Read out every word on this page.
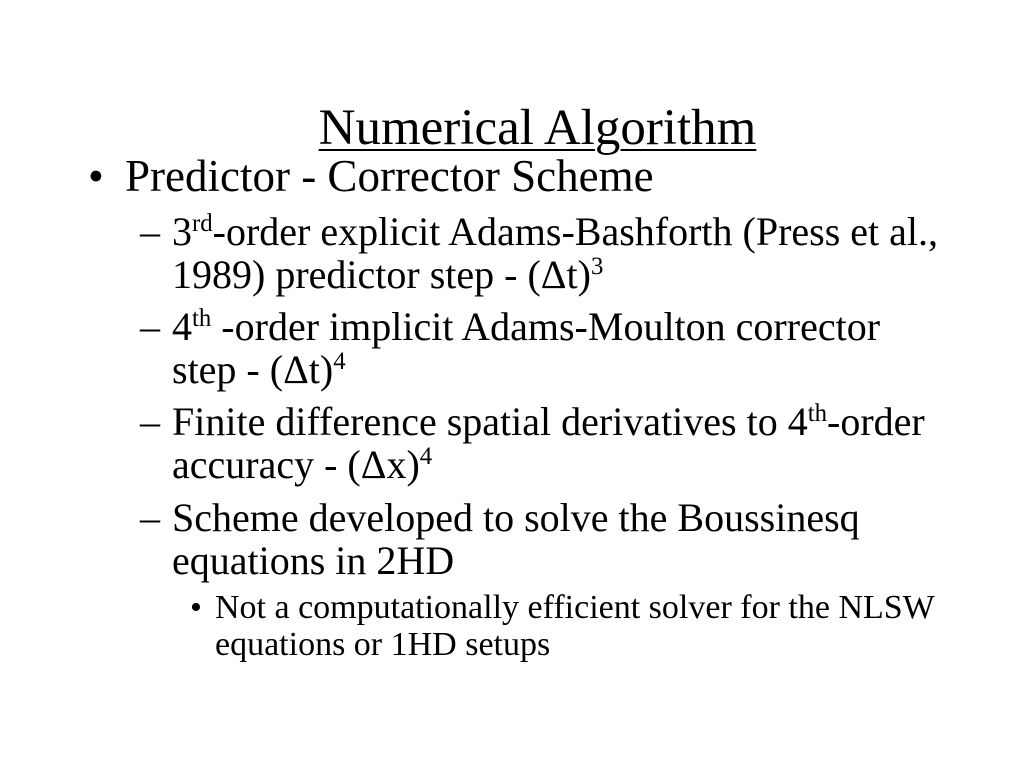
Numerical Algorithm

• Predictor - Corrector Scheme
– 3rd-order explicit Adams-Bashforth (Press et al.,
1989) predictor step - $(\Delta t)^3$
– 4th -order implicit Adams-Moulton corrector
step - $(\Delta t)^4$
– Finite difference spatial derivatives to 4th-order
accuracy - $(\Delta x)^4$
– Scheme developed to solve the Boussinesq
equations in 2HD
• Not a computationally efficient solver for the NLSW
equations or 1HD setups
